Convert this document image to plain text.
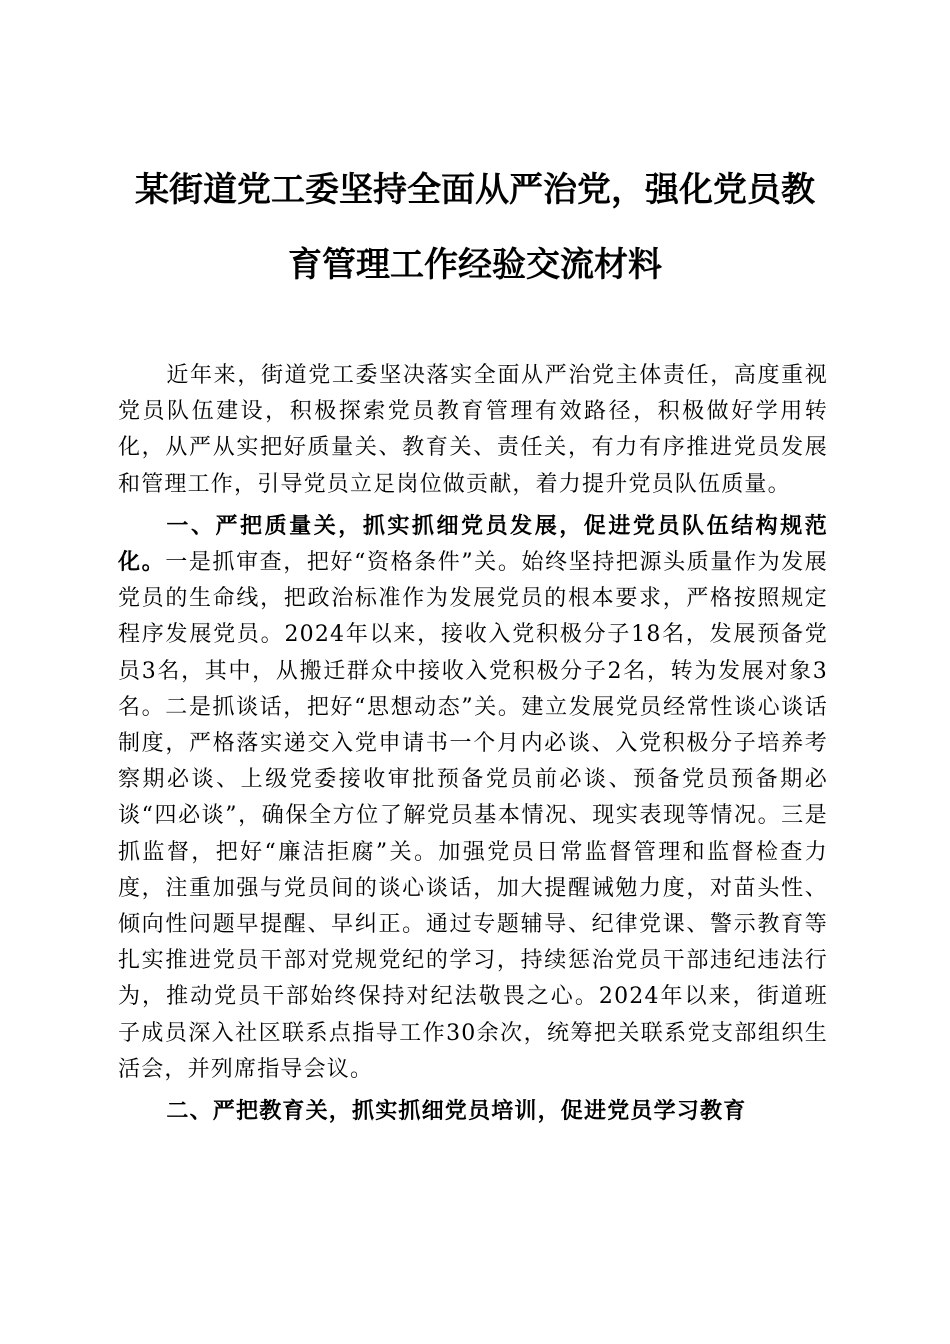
某街道党工委坚持全面从严治党，强化党员教
育管理工作经验交流材料

近年来，街道党工委坚决落实全面从严治党主体责任，高度重视党员队伍建设，积极探索党员教育管理有效路径，积极做好学用转化，从严从实把好质量关、教育关、责任关，有力有序推进党员发展和管理工作，引导党员立足岗位做贡献，着力提升党员队伍质量。

一、严把质量关，抓实抓细党员发展，促进党员队伍结构规范化。一是抓审查，把好“资格条件”关。始终坚持把源头质量作为发展党员的生命线，把政治标准作为发展党员的根本要求，严格按照规定程序发展党员。2024年以来，接收入党积极分子18名，发展预备党员3名，其中，从搬迁群众中接收入党积极分子2名，转为发展对象3名。二是抓谈话，把好“思想动态”关。建立发展党员经常性谈心谈话制度，严格落实递交入党申请书一个月内必谈、入党积极分子培养考察期必谈、上级党委接收审批预备党员前必谈、预备党员预备期必谈“四必谈”，确保全方位了解党员基本情况、现实表现等情况。三是抓监督，把好“廉洁拒腐”关。加强党员日常监督管理和监督检查力度，注重加强与党员间的谈心谈话，加大提醒诫勉力度，对苗头性、倾向性问题早提醒、早纠正。通过专题辅导、纪律党课、警示教育等扎实推进党员干部对党规党纪的学习，持续惩治党员干部违纪违法行为，推动党员干部始终保持对纪法敬畏之心。2024年以来，街道班子成员深入社区联系点指导工作30余次，统筹把关联系党支部组织生活会，并列席指导会议。

二、严把教育关，抓实抓细党员培训，促进党员学习教育
